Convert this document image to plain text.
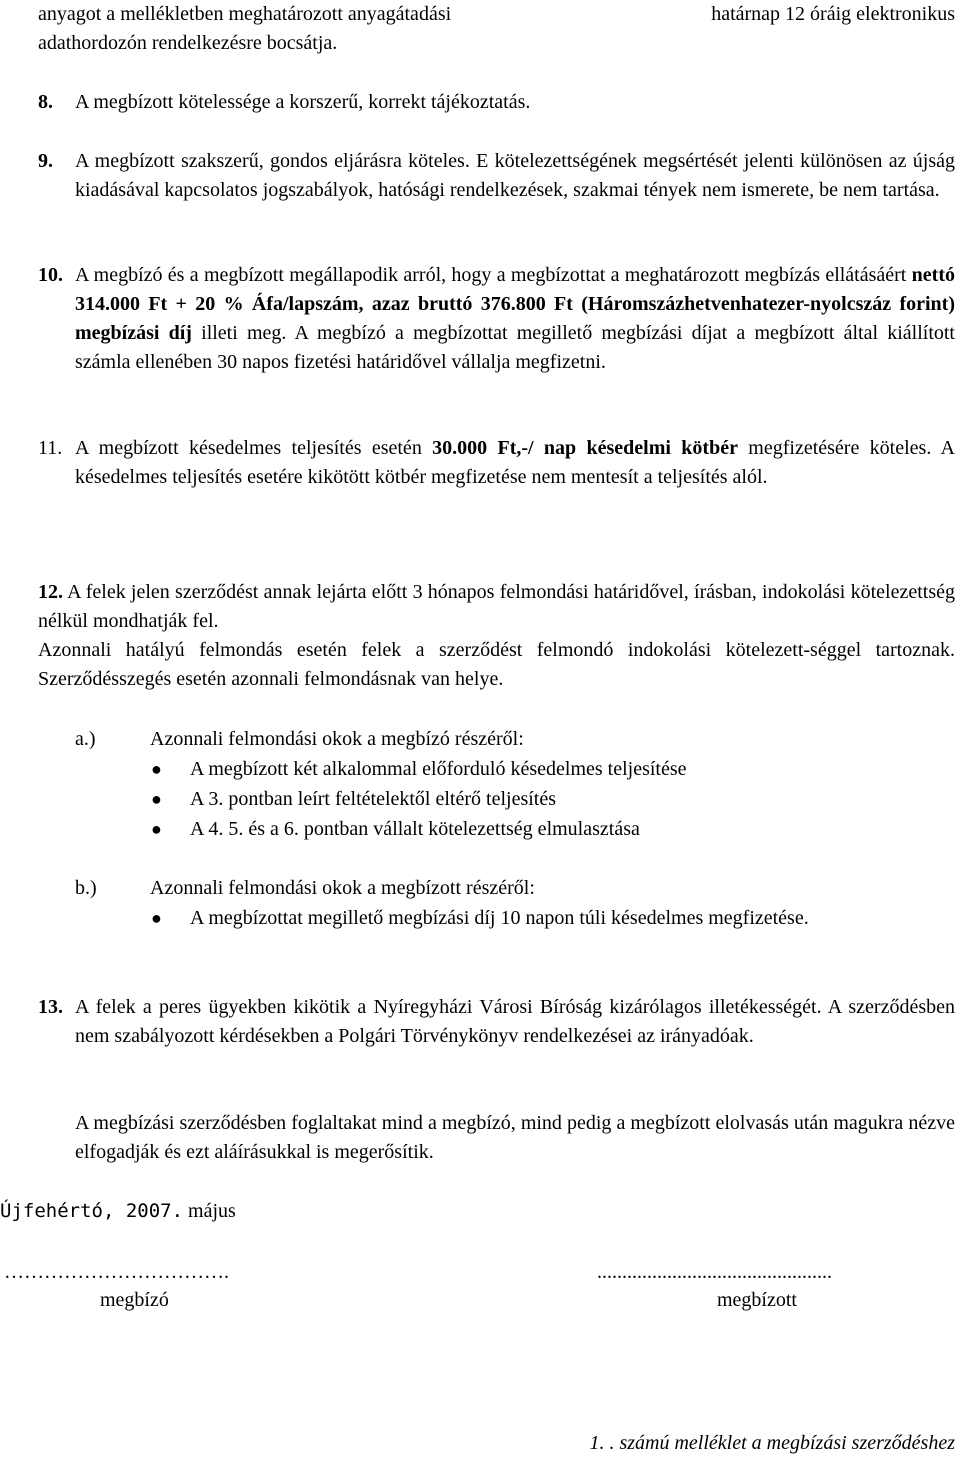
anyagot a mellékletben meghatározott anyagátadási	határnap 12 óráig elektronikus
adathordozón rendelkezésre bocsátja.
8. A megbízott kötelessége a korszerű, korrekt tájékoztatás.
9. A megbízott szakszerű, gondos eljárásra köteles. E kötelezettségének megsértését jelenti különösen az újság kiadásával kapcsolatos jogszabályok, hatósági rendelkezések, szakmai tények nem ismerete, be nem tartása.
10. A megbízó és a megbízott megállapodik arról, hogy a megbízottat a meghatározott megbízás ellátásáért nettó 314.000 Ft + 20 % Áfa/lapszám, azaz bruttó 376.800 Ft (Háromszázhetvenhatezer-nyolcszáz forint) megbízási díj illeti meg. A megbízó a megbízottat megillető megbízási díjat a megbízott által kiállított számla ellenében 30 napos fizetési határidővel vállalja megfizetni.
11. A megbízott késedelmes teljesítés esetén 30.000 Ft,-/ nap késedelmi kötbér megfizetésére köteles. A késedelmes teljesítés esetére kikötött kötbér megfizetése nem mentesít a teljesítés alól.
12. A felek jelen szerződést annak lejárta előtt 3 hónapos felmondási határidővel, írásban, indokolási kötelezettség nélkül mondhatják fel.
Azonnali hatályú felmondás esetén felek a szerződést felmondó indokolási kötelezett-séggel tartoznak. Szerződésszegés esetén azonnali felmondásnak van helye.
a.)	Azonnali felmondási okok a megbízó részéről:
● A megbízott két alkalommal előforduló késedelmes teljesítése
● A 3. pontban leírt feltételektől eltérő teljesítés
● A 4. 5. és a 6. pontban vállalt kötelezettség elmulasztása
b.)	Azonnali felmondási okok a megbízott részéről:
● A megbízottat megillető megbízási díj 10 napon túli késedelmes megfizetése.
13. A felek a peres ügyekben kikötik a Nyíregyházi Városi Bíróság kizárólagos illetékességét. A szerződésben nem szabályozott kérdésekben a Polgári Törvénykönyv rendelkezései az irányadóak.
A megbízási szerződésben foglaltakat mind a megbízó, mind pedig a megbízott elolvasás után magukra nézve elfogadják és ezt aláírásukkal is megerősítik.
Újfehértó, 2007. május
…………………………….
megbízó
...............................................
megbízott
1. . számú melléklet a megbízási szerződéshez
